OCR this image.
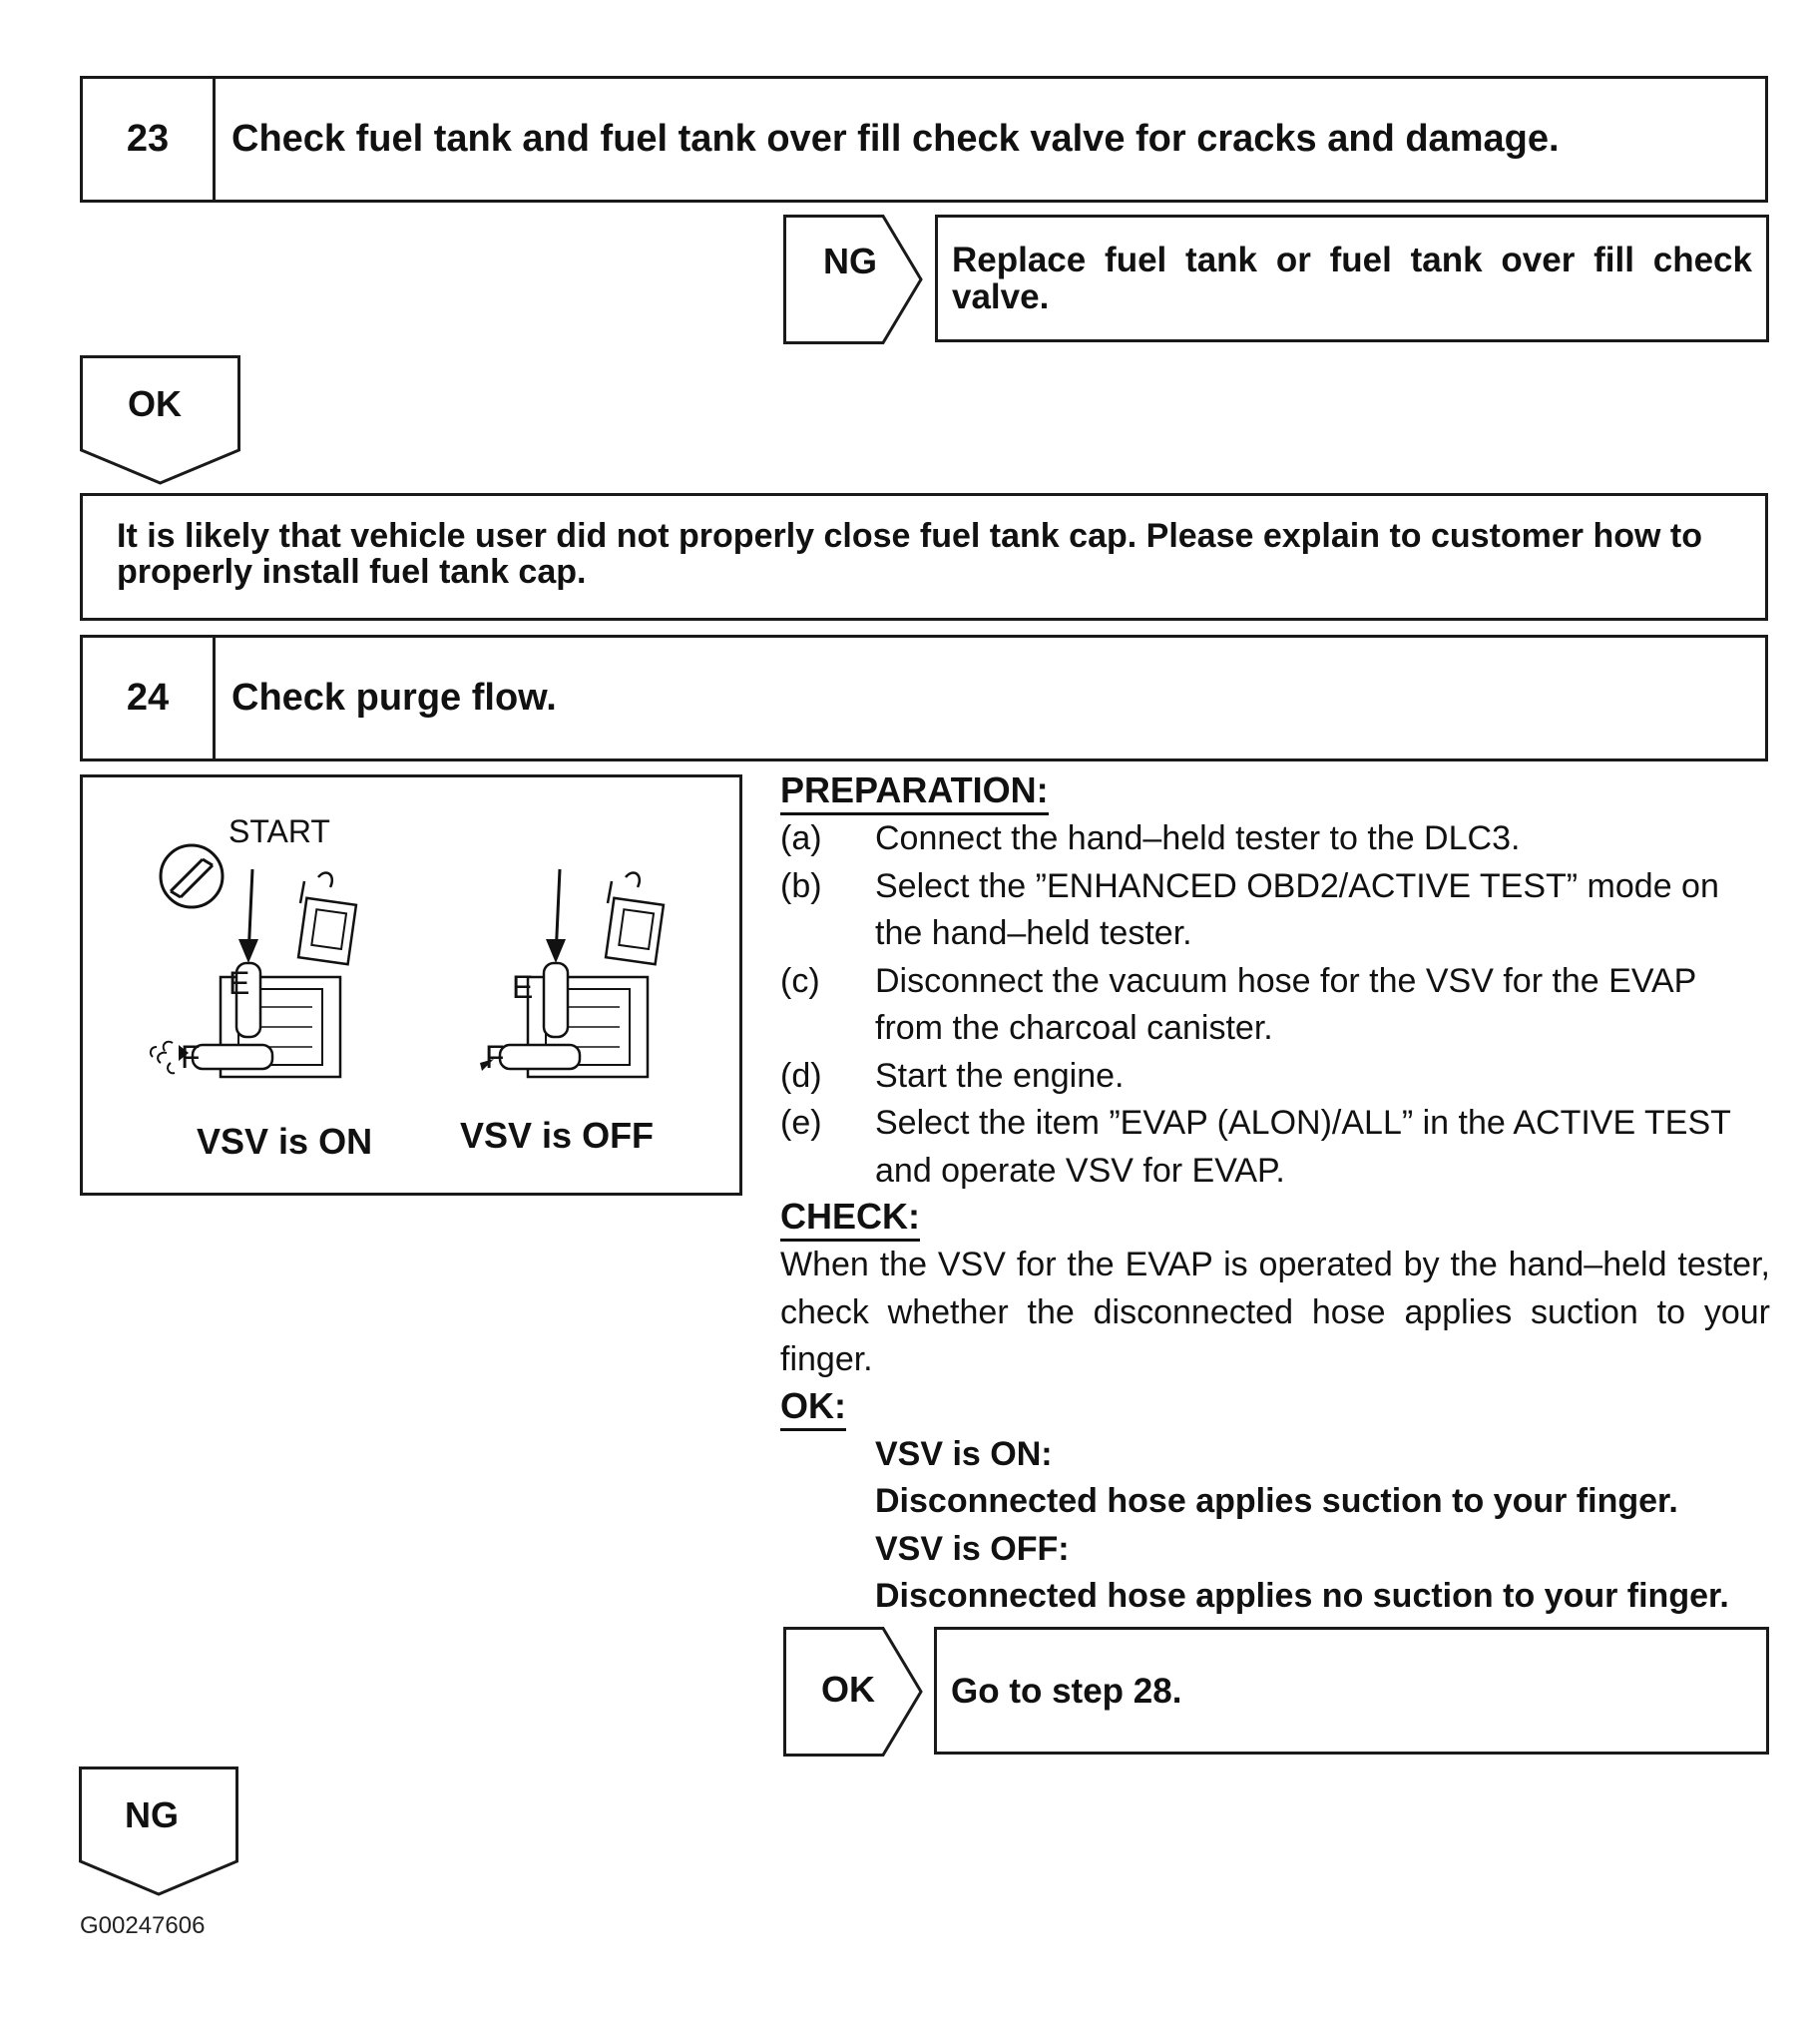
23	Check fuel tank and fuel tank over fill check valve for cracks and damage.
NG Replace fuel tank or fuel tank over fill check valve.
OK
It is likely that vehicle user did not properly close fuel tank cap. Please explain to customer how to properly install fuel tank cap.
24	Check purge flow.
START
E
F
VSV is ON
E
F
VSV is OFF
PREPARATION:
(a) Connect the hand–held tester to the DLC3.
(b) Select the ”ENHANCED OBD2/ACTIVE TEST” mode on the hand–held tester.
(c) Disconnect the vacuum hose for the VSV for the EVAP from the charcoal canister.
(d) Start the engine.
(e) Select the item ”EVAP (ALON)/ALL” in the ACTIVE TEST and operate VSV for EVAP.
CHECK:
When the VSV for the EVAP is operated by the hand–held tester, check whether the disconnected hose applies suction to your finger.
OK:
VSV is ON:
Disconnected hose applies suction to your finger.
VSV is OFF:
Disconnected hose applies no suction to your finger.
OK Go to step 28.
NG
G00247606
